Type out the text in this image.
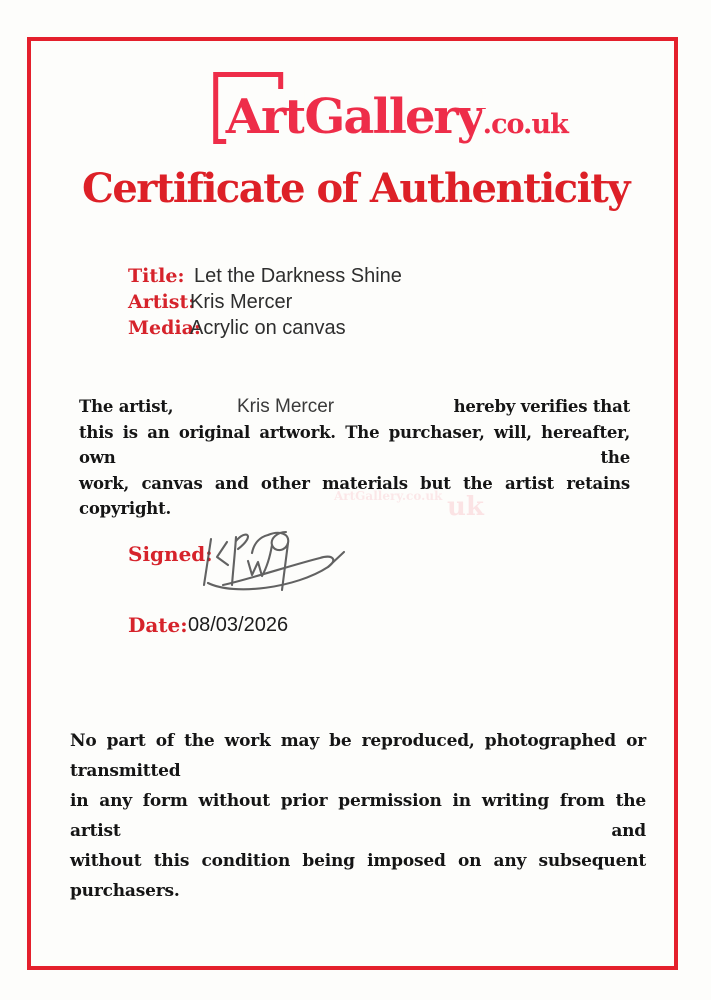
ArtGallery.co.uk
Certificate of Authenticity
Title: Let the Darkness Shine
Artist:
Kris Mercer
Media:
Acrylic on canvas
The artist,	Kris Mercer	hereby verifies that
this is an original artwork. The purchaser, will, hereafter, own the
work, canvas and other materials but the artist retains copyright.
ArtGallery.co.uk uk
Signed:
Date: 08/03/2026
No part of the work may be reproduced, photographed or transmitted
in any form without prior permission in writing from the artist and
without this condition being imposed on any subsequent purchasers.
